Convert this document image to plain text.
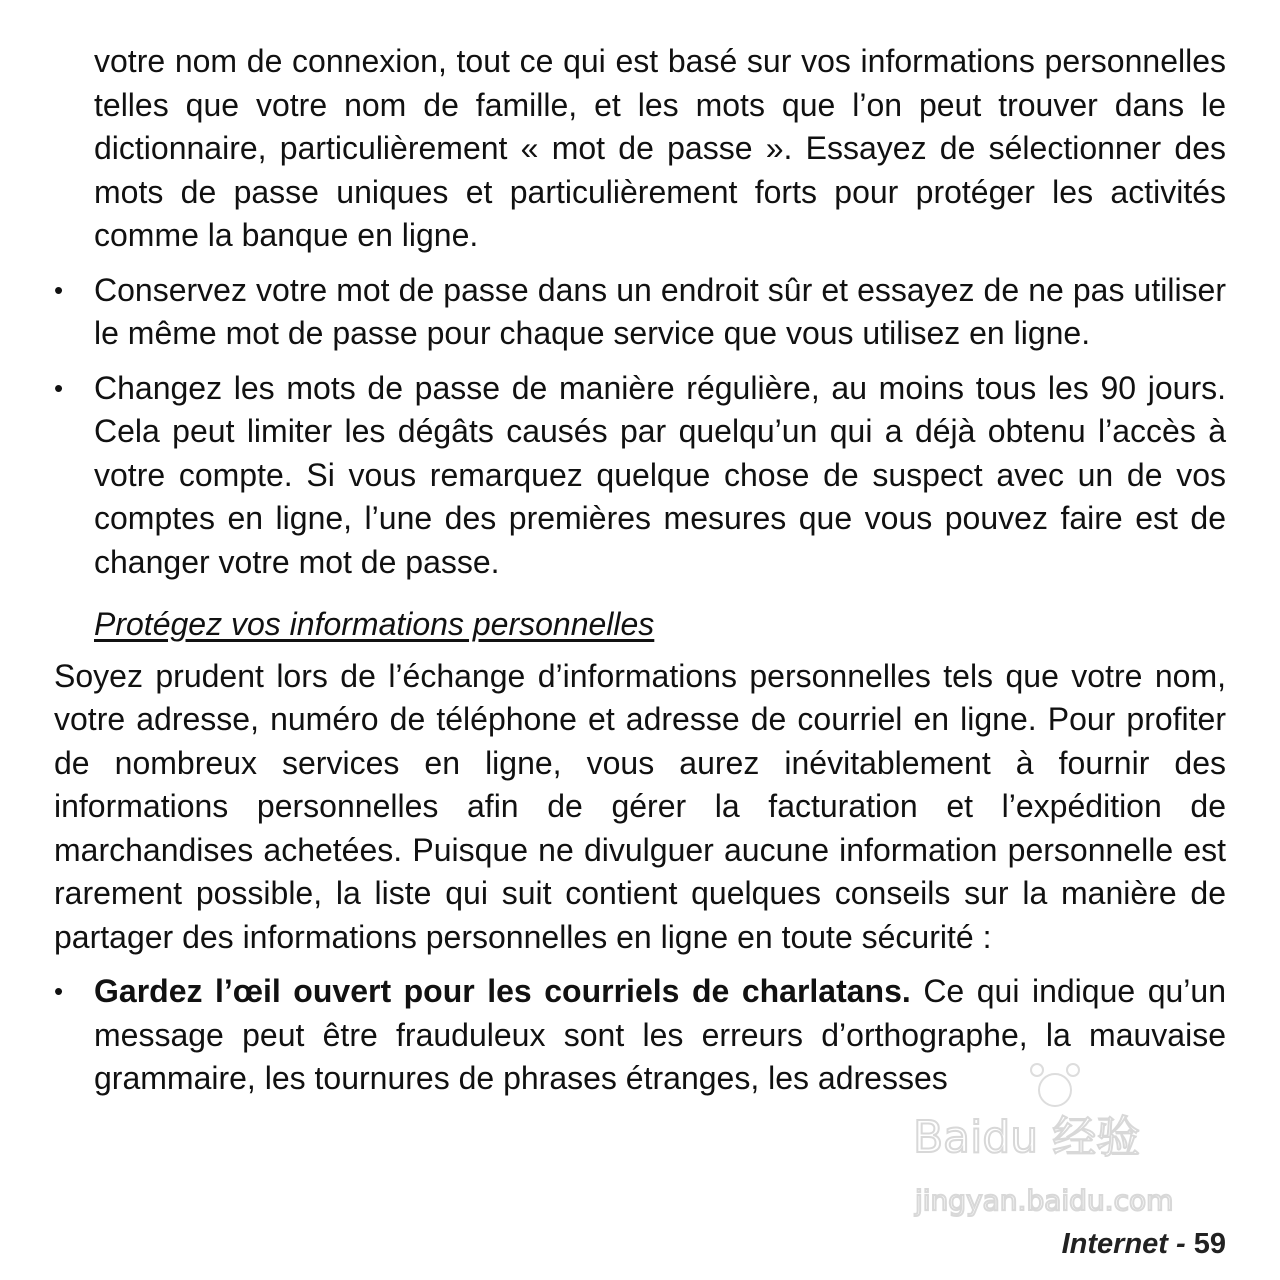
votre nom de connexion, tout ce qui est basé sur vos informations personnelles telles que votre nom de famille, et les mots que l’on peut trouver dans le dictionnaire, particulièrement « mot de passe ». Essayez de sélectionner des mots de passe uniques et particulièrement forts pour protéger les activités comme la banque en ligne.

• Conservez votre mot de passe dans un endroit sûr et essayez de ne pas utiliser le même mot de passe pour chaque service que vous utilisez en ligne.

• Changez les mots de passe de manière régulière, au moins tous les 90 jours. Cela peut limiter les dégâts causés par quelqu’un qui a déjà obtenu l’accès à votre compte. Si vous remarquez quelque chose de suspect avec un de vos comptes en ligne, l’une des premières mesures que vous pouvez faire est de changer votre mot de passe.

Protégez vos informations personnelles

Soyez prudent lors de l’échange d’informations personnelles tels que votre nom, votre adresse, numéro de téléphone et adresse de courriel en ligne. Pour profiter de nombreux services en ligne, vous aurez inévitablement à fournir des informations personnelles afin de gérer la facturation et l’expédition de marchandises achetées. Puisque ne divulguer aucune information personnelle est rarement possible, la liste qui suit contient quelques conseils sur la manière de partager des informations personnelles en ligne en toute sécurité :

• Gardez l’œil ouvert pour les courriels de charlatans. Ce qui indique qu’un message peut être frauduleux sont les erreurs d’orthographe, la mauvaise grammaire, les tournures de phrases étranges, les adresses

Baidu 经验
jingyan.baidu.com
Internet - 59
